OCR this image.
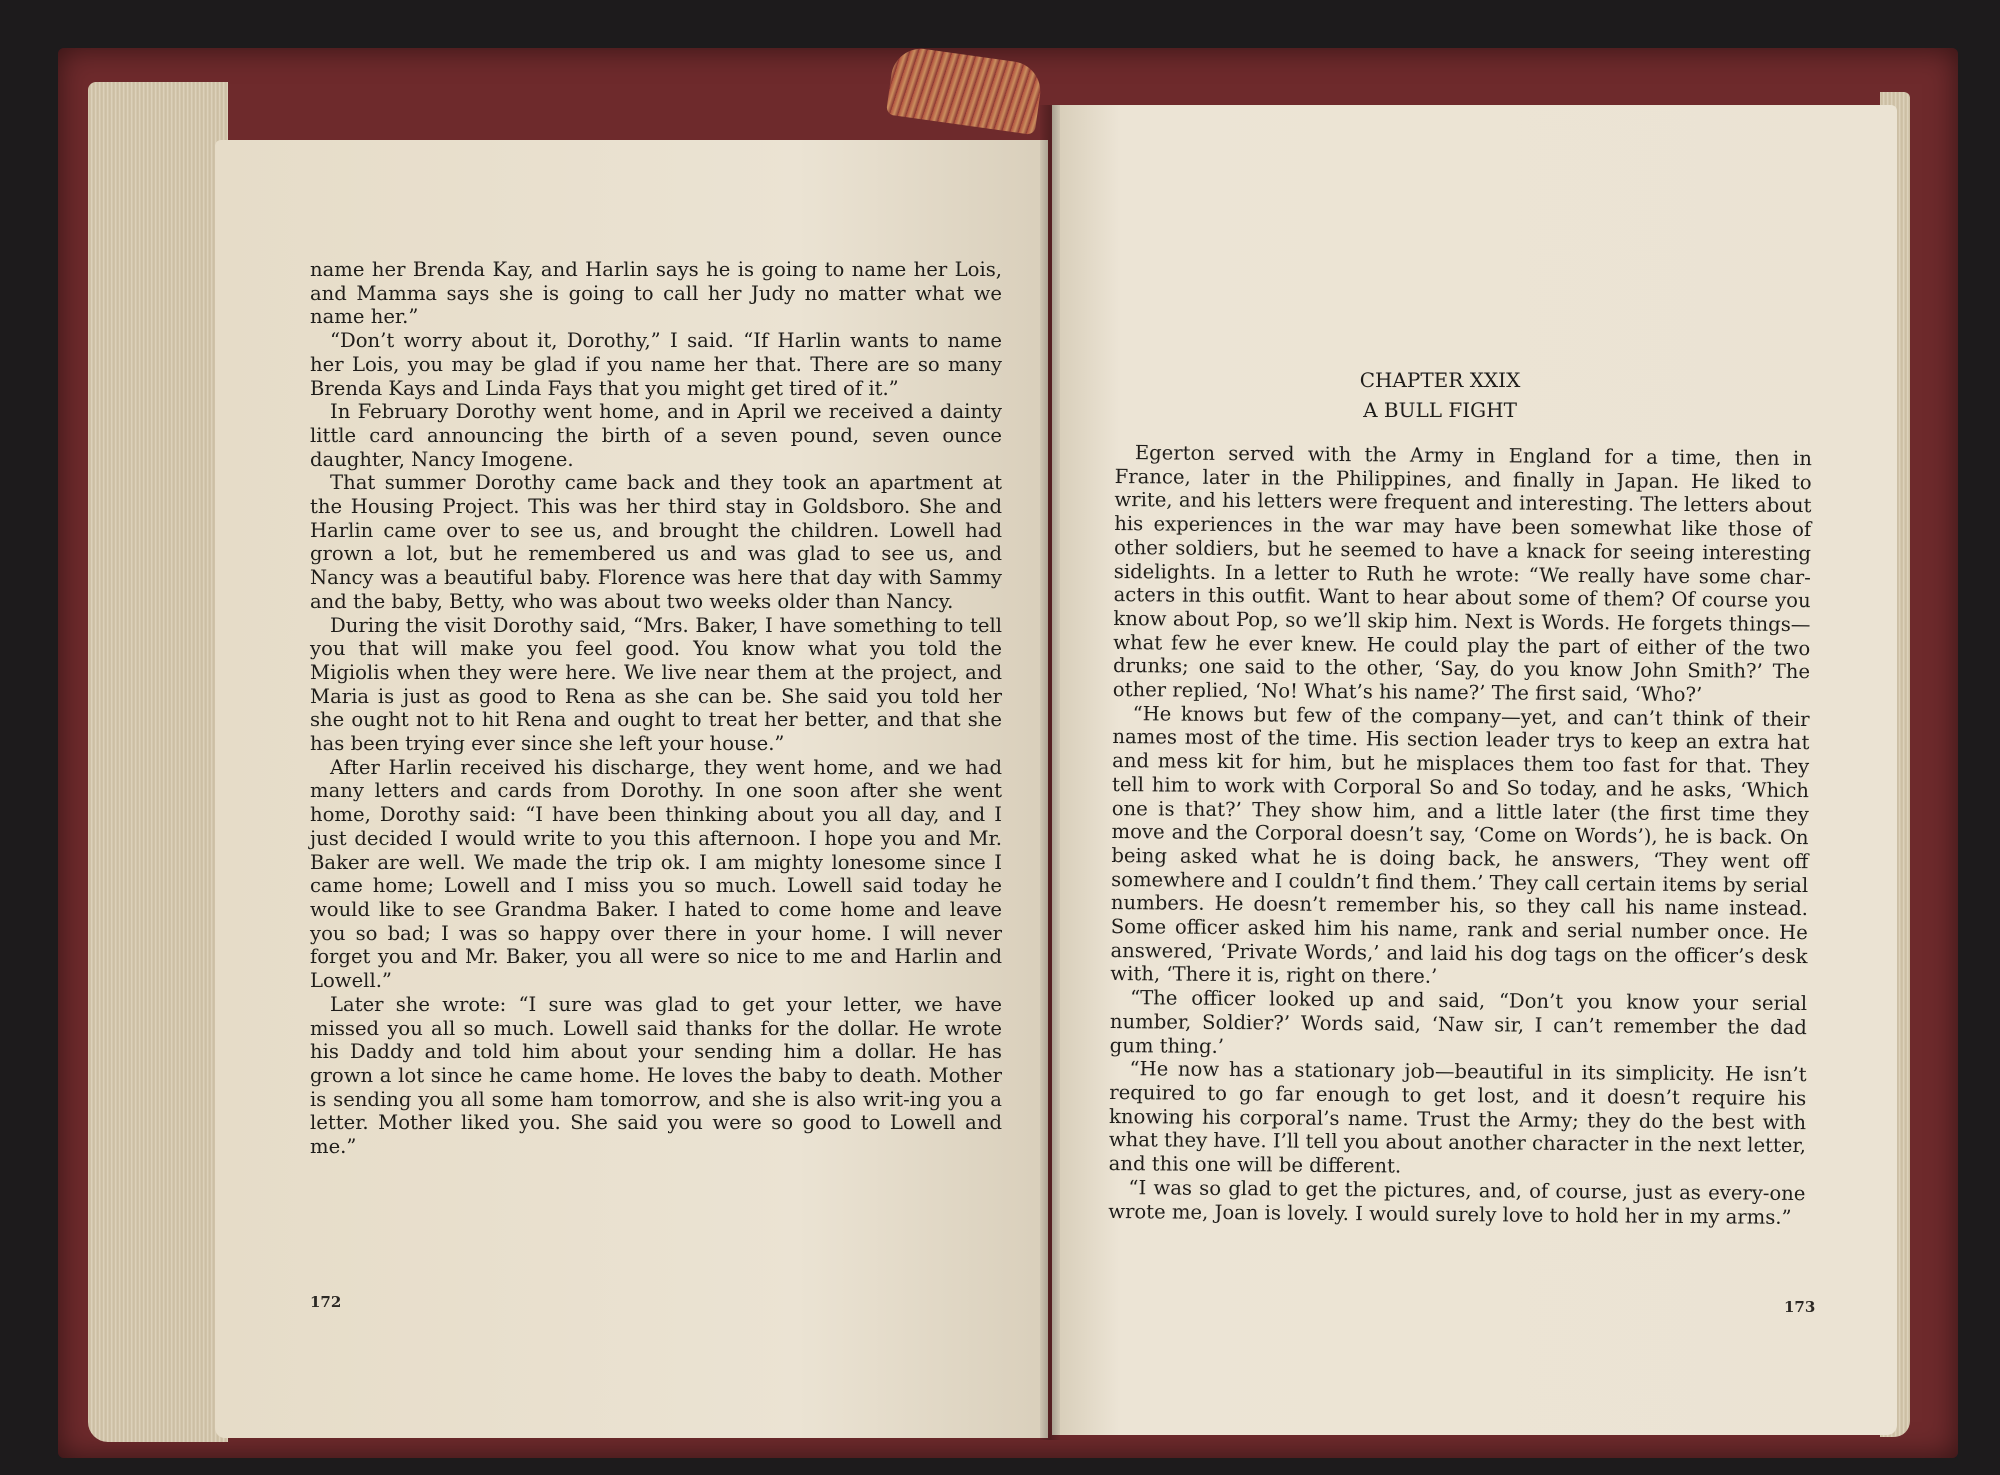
name her Brenda Kay, and Harlin says he is going to name her Lois, and Mamma says she is going to call her Judy no matter what we name her.”

“Don’t worry about it, Dorothy,” I said. “If Harlin wants to name her Lois, you may be glad if you name her that. There are so many Brenda Kays and Linda Fays that you might get tired of it.”

In February Dorothy went home, and in April we received a dainty little card announcing the birth of a seven pound, seven ounce daughter, Nancy Imogene.

That summer Dorothy came back and they took an apartment at the Housing Project. This was her third stay in Goldsboro. She and Harlin came over to see us, and brought the children. Lowell had grown a lot, but he remembered us and was glad to see us, and Nancy was a beautiful baby. Florence was here that day with Sammy and the baby, Betty, who was about two weeks older than Nancy.

During the visit Dorothy said, “Mrs. Baker, I have something to tell you that will make you feel good. You know what you told the Migiolis when they were here. We live near them at the project, and Maria is just as good to Rena as she can be. She said you told her she ought not to hit Rena and ought to treat her better, and that she has been trying ever since she left your house.”

After Harlin received his discharge, they went home, and we had many letters and cards from Dorothy. In one soon after she went home, Dorothy said: “I have been thinking about you all day, and I just decided I would write to you this afternoon. I hope you and Mr. Baker are well. We made the trip ok. I am mighty lonesome since I came home; Lowell and I miss you so much. Lowell said today he would like to see Grandma Baker. I hated to come home and leave you so bad; I was so happy over there in your home. I will never forget you and Mr. Baker, you all were so nice to me and Harlin and Lowell.”

Later she wrote: “I sure was glad to get your letter, we have missed you all so much. Lowell said thanks for the dollar. He wrote his Daddy and told him about your sending him a dollar. He has grown a lot since he came home. He loves the baby to death. Mother is sending you all some ham tomorrow, and she is also writ-ing you a letter. Mother liked you. She said you were so good to Lowell and me.”

172
CHAPTER XXIX
A BULL FIGHT

Egerton served with the Army in England for a time, then in France, later in the Philippines, and finally in Japan. He liked to write, and his letters were frequent and interesting. The letters about his experiences in the war may have been somewhat like those of other soldiers, but he seemed to have a knack for seeing interesting sidelights. In a letter to Ruth he wrote: “We really have some char-acters in this outfit. Want to hear about some of them? Of course you know about Pop, so we’ll skip him. Next is Words. He forgets things—what few he ever knew. He could play the part of either of the two drunks; one said to the other, ‘Say, do you know John Smith?’ The other replied, ‘No! What’s his name?’ The first said, ‘Who?’

“He knows but few of the company—yet, and can’t think of their names most of the time. His section leader trys to keep an extra hat and mess kit for him, but he misplaces them too fast for that. They tell him to work with Corporal So and So today, and he asks, ‘Which one is that?’ They show him, and a little later (the first time they move and the Corporal doesn’t say, ‘Come on Words’), he is back. On being asked what he is doing back, he answers, ‘They went off somewhere and I couldn’t find them.’ They call certain items by serial numbers. He doesn’t remember his, so they call his name instead. Some officer asked him his name, rank and serial number once. He answered, ‘Private Words,’ and laid his dog tags on the officer’s desk with, ‘There it is, right on there.’

“The officer looked up and said, “Don’t you know your serial number, Soldier?’ Words said, ‘Naw sir, I can’t remember the dad gum thing.’

“He now has a stationary job—beautiful in its simplicity. He isn’t required to go far enough to get lost, and it doesn’t require his knowing his corporal’s name. Trust the Army; they do the best with what they have. I’ll tell you about another character in the next letter, and this one will be different.

“I was so glad to get the pictures, and, of course, just as every-one wrote me, Joan is lovely. I would surely love to hold her in my arms.”

173
